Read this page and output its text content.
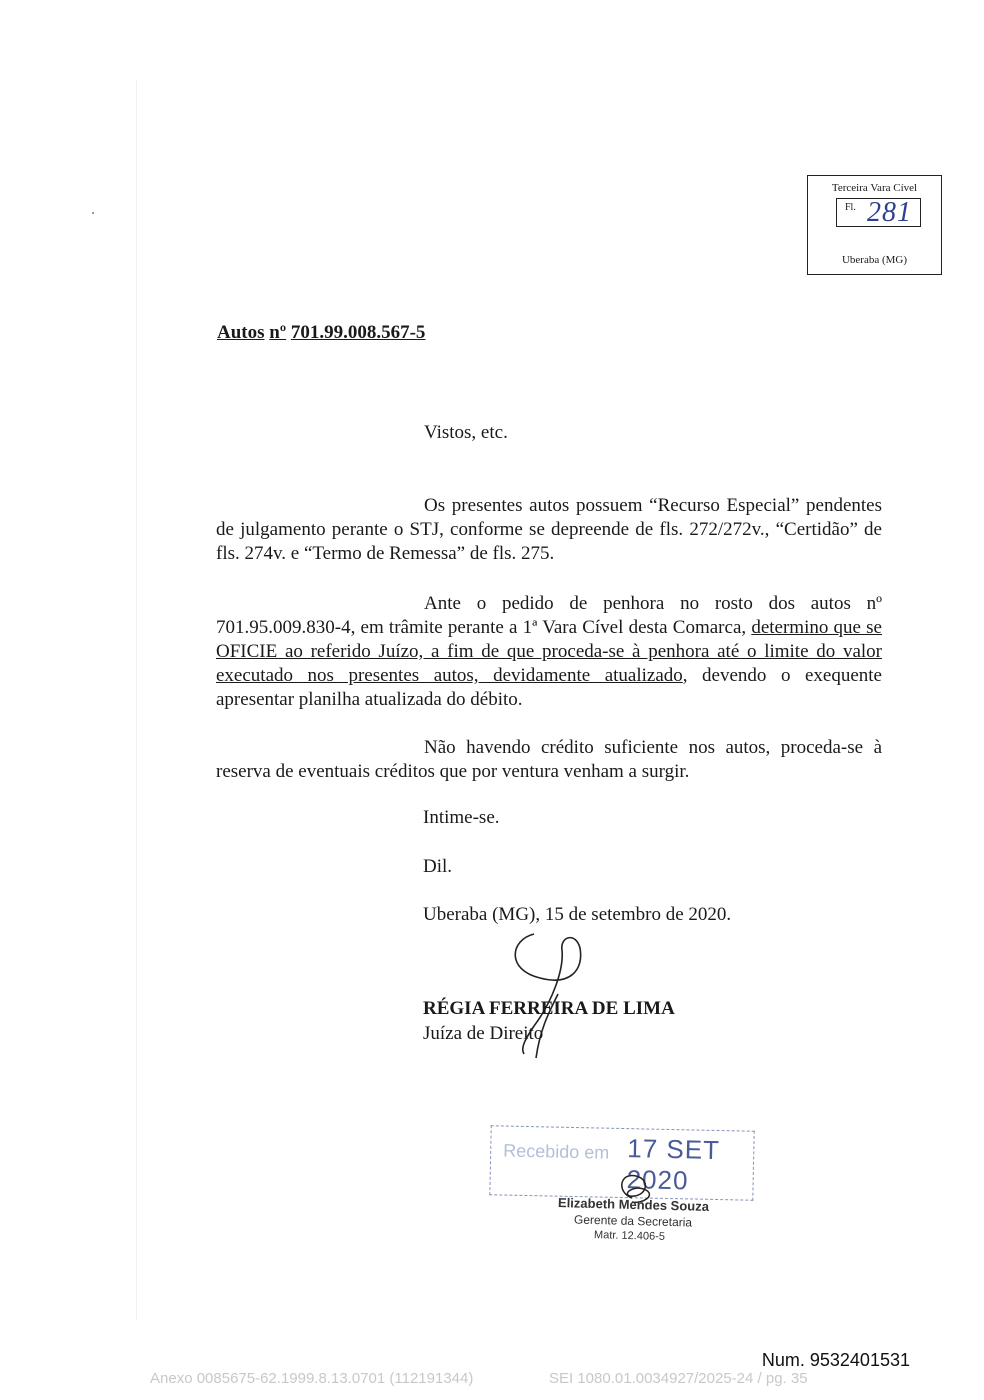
Terceira Vara Cível
Fl. 281
Uberaba (MG)
Autos nº 701.99.008.567-5
Vistos, etc.
Os presentes autos possuem “Recurso Especial” pendentes de julgamento perante o STJ, conforme se depreende de fls. 272/272v., “Certidão” de fls. 274v. e “Termo de Remessa” de fls. 275.
Ante o pedido de penhora no rosto dos autos nº 701.95.009.830-4, em trâmite perante a 1ª Vara Cível desta Comarca, determino que se OFICIE ao referido Juízo, a fim de que proceda-se à penhora até o limite do valor executado nos presentes autos, devidamente atualizado, devendo o exequente apresentar planilha atualizada do débito.
Não havendo crédito suficiente nos autos, proceda-se à reserva de eventuais créditos que por ventura venham a surgir.
Intime-se.
Dil.
Uberaba (MG), 15 de setembro de 2020.
RÉGIA FERREIRA DE LIMA
Juíza de Direito
Recebido em 17 SET 2020
Elizabeth Mendes Souza
Gerente da Secretaria
Matr. 12.406-5
Num. 9532401531
Anexo 0085675-62.1999.8.13.0701 (112191344)	SEI 1080.01.0034927/2025-24 / pg. 35
